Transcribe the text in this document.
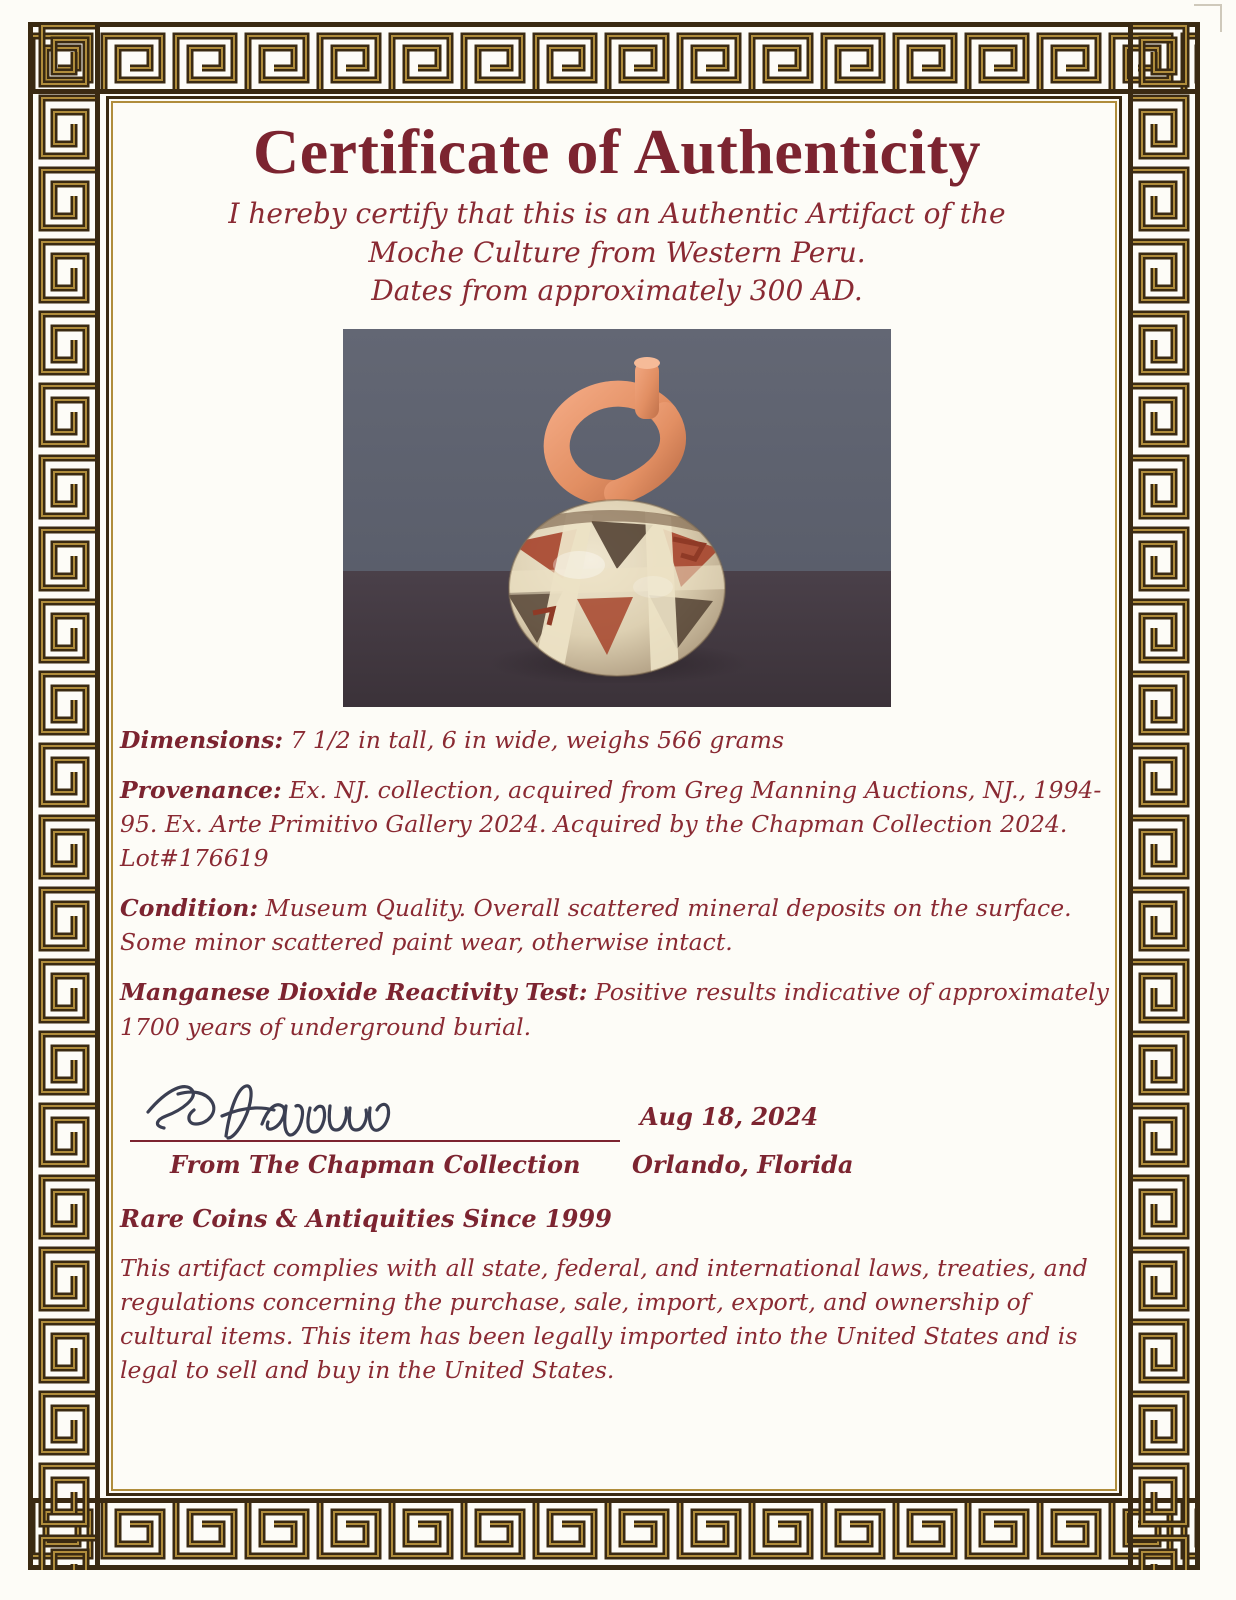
Certificate of Authenticity
I hereby certify that this is an Authentic Artifact of the
Moche Culture from Western Peru.
Dates from approximately 300 AD.
Dimensions: 7 1/2 in tall, 6 in wide, weighs 566 grams
Provenance: Ex. NJ. collection, acquired from Greg Manning Auctions, NJ., 1994-95. Ex. Arte Primitivo Gallery 2024. Acquired by the Chapman Collection 2024. Lot#176619
Condition: Museum Quality. Overall scattered mineral deposits on the surface. Some minor scattered paint wear, otherwise intact.
Manganese Dioxide Reactivity Test: Positive results indicative of approximately 1700 years of underground burial.
From The Chapman Collection
Aug 18, 2024
Orlando, Florida
Rare Coins & Antiquities Since 1999
This artifact complies with all state, federal, and international laws, treaties, and regulations concerning the purchase, sale, import, export, and ownership of cultural items. This item has been legally imported into the United States and is legal to sell and buy in the United States.
